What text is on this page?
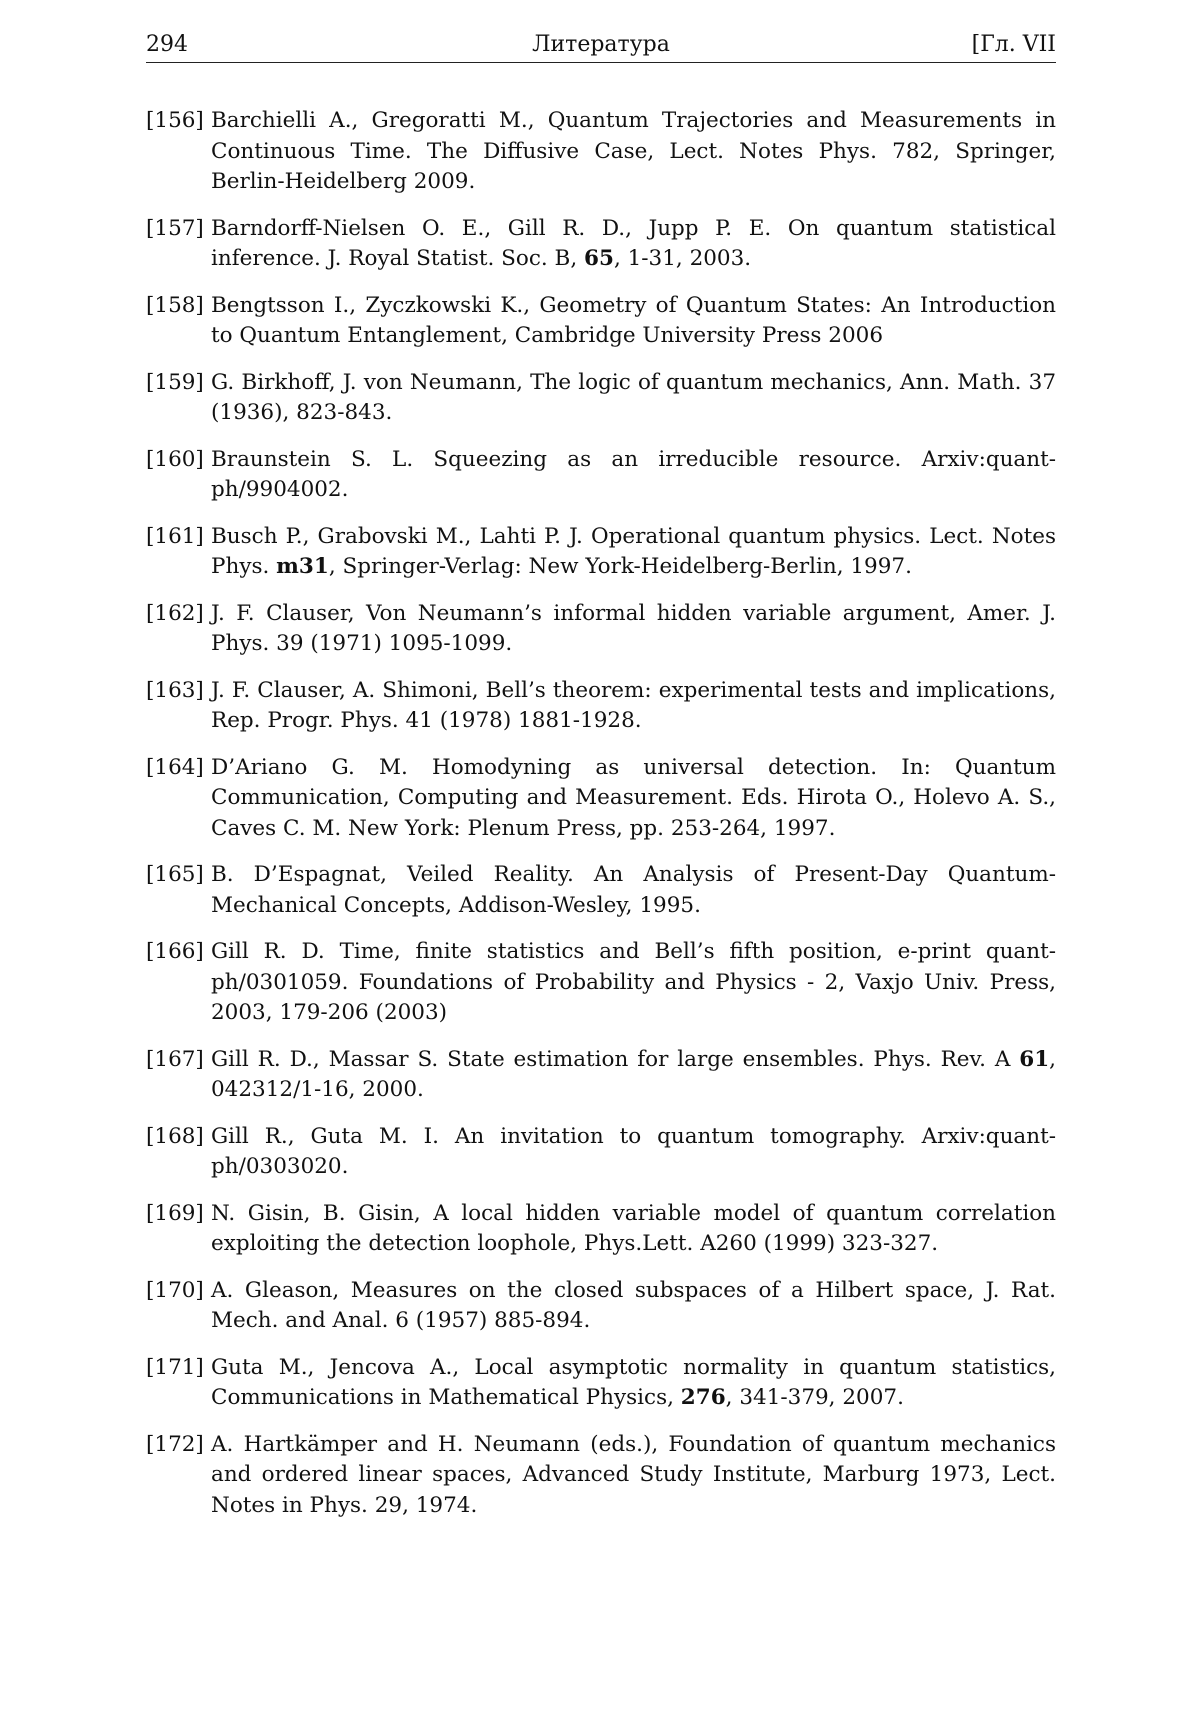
Литература
294	[Гл. VII
[156] Barchielli A., Gregoratti M., Quantum Trajectories and Measurements in Continuous Time. The Diffusive Case, Lect. Notes Phys. 782, Springer, Berlin-Heidelberg 2009.
[157] Barndorff-Nielsen O. E., Gill R. D., Jupp P. E. On quantum statistical inference. J. Royal Statist. Soc. B, 65, 1-31, 2003.
[158] Bengtsson I., Zyczkowski K., Geometry of Quantum States: An Introduction to Quantum Entanglement, Cambridge University Press 2006
[159] G. Birkhoff, J. von Neumann, The logic of quantum mechanics, Ann. Math. 37 (1936), 823-843.
[160] Braunstein S. L. Squeezing as an irreducible resource. Arxiv:quant-ph/9904002.
[161] Busch P., Grabovski M., Lahti P. J. Operational quantum physics. Lect. Notes Phys. m31, Springer-Verlag: New York-Heidelberg-Berlin, 1997.
[162] J. F. Clauser, Von Neumann’s informal hidden variable argument, Amer. J. Phys. 39 (1971) 1095-1099.
[163] J. F. Clauser, A. Shimoni, Bell’s theorem: experimental tests and implications, Rep. Progr. Phys. 41 (1978) 1881-1928.
[164] D’Ariano G. M. Homodyning as universal detection. In: Quantum Communication, Computing and Measurement. Eds. Hirota O., Holevo A. S., Caves C. M. New York: Plenum Press, pp. 253-264, 1997.
[165] B. D’Espagnat, Veiled Reality. An Analysis of Present-Day Quantum-Mechanical Concepts, Addison-Wesley, 1995.
[166] Gill R. D. Time, finite statistics and Bell’s fifth position, e-print quant-ph/0301059. Foundations of Probability and Physics - 2, Vaxjo Univ. Press, 2003, 179-206 (2003)
[167] Gill R. D., Massar S. State estimation for large ensembles. Phys. Rev. A 61, 042312/1-16, 2000.
[168] Gill R., Guta M. I. An invitation to quantum tomography. Arxiv:quant-ph/0303020.
[169] N. Gisin, B. Gisin, A local hidden variable model of quantum correlation exploiting the detection loophole, Phys.Lett. A260 (1999) 323-327.
[170] A. Gleason, Measures on the closed subspaces of a Hilbert space, J. Rat. Mech. and Anal. 6 (1957) 885-894.
[171] Guta M., Jencova A., Local asymptotic normality in quantum statistics, Communications in Mathematical Physics, 276, 341-379, 2007.
[172] A. Hartkämper and H. Neumann (eds.), Foundation of quantum mechanics and ordered linear spaces, Advanced Study Institute, Marburg 1973, Lect. Notes in Phys. 29, 1974.
